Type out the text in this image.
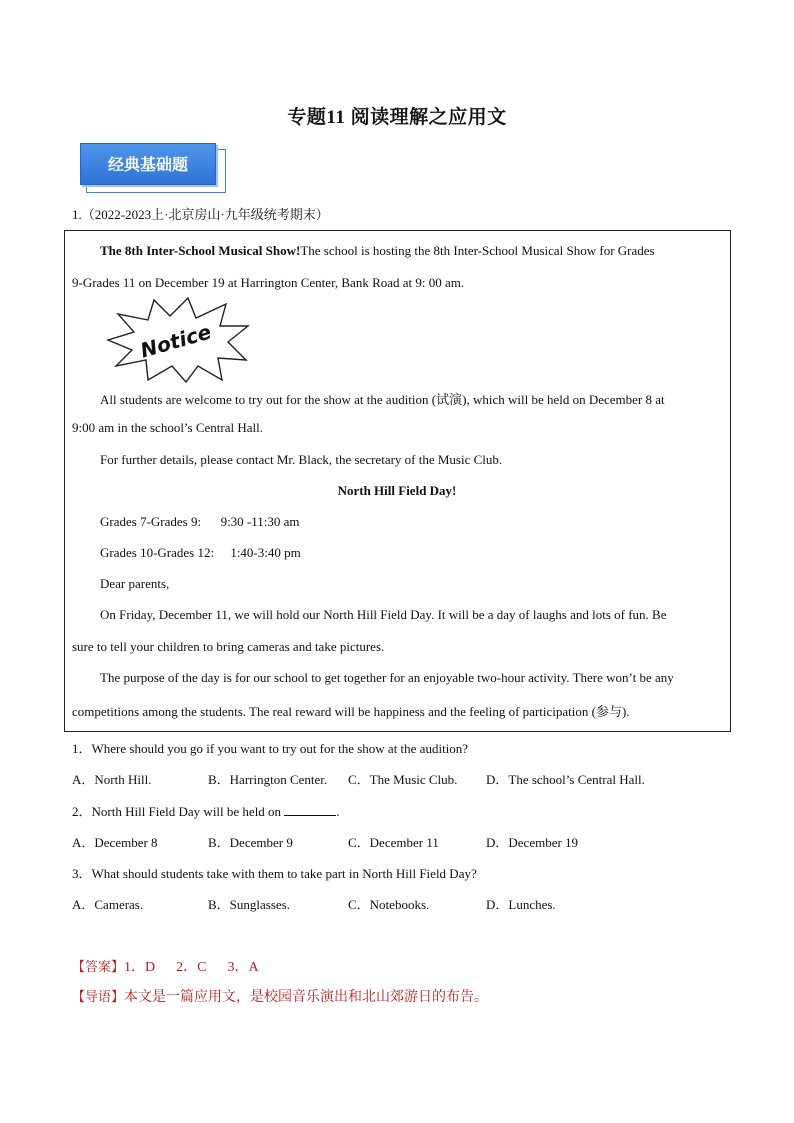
专题11 阅读理解之应用文
经典基础题
1.（2022-2023上·北京房山·九年级统考期末）
The 8th Inter-School Musical Show!The school is hosting the 8th Inter-School Musical Show for Grades
9-Grades 11 on December 19 at Harrington Center, Bank Road at 9: 00 am.
Notice
All students are welcome to try out for the show at the audition (试演), which will be held on December 8 at
9:00 am in the school’s Central Hall.
For further details, please contact Mr. Black, the secretary of the Music Club.
North Hill Field Day!
Grades 7-Grades 9:      9:30 -11:30 am
Grades 10-Grades 12:     1:40-3:40 pm
Dear parents,
On Friday, December 11, we will hold our North Hill Field Day. It will be a day of laughs and lots of fun. Be
sure to tell your children to bring cameras and take pictures.
The purpose of the day is for our school to get together for an enjoyable two-hour activity. There won’t be any
competitions among the students. The real reward will be happiness and the feeling of participation (参与).
1．Where should you go if you want to try out for the show at the audition?
A．North Hill.	B．Harrington Center. C．The Music Club. D．The school’s Central Hall.
2．North Hill Field Day will be held on	.
A．December 8	B．December 9	C．December 11	D．December 19
3．What should students take with them to take part in North Hill Field Day?
A．Cameras.	B．Sunglasses.	C．Notebooks.	D．Lunches.
【答案】1．D      2．C      3．A
【导语】本文是一篇应用文，是校园音乐演出和北山郊游日的布告。
